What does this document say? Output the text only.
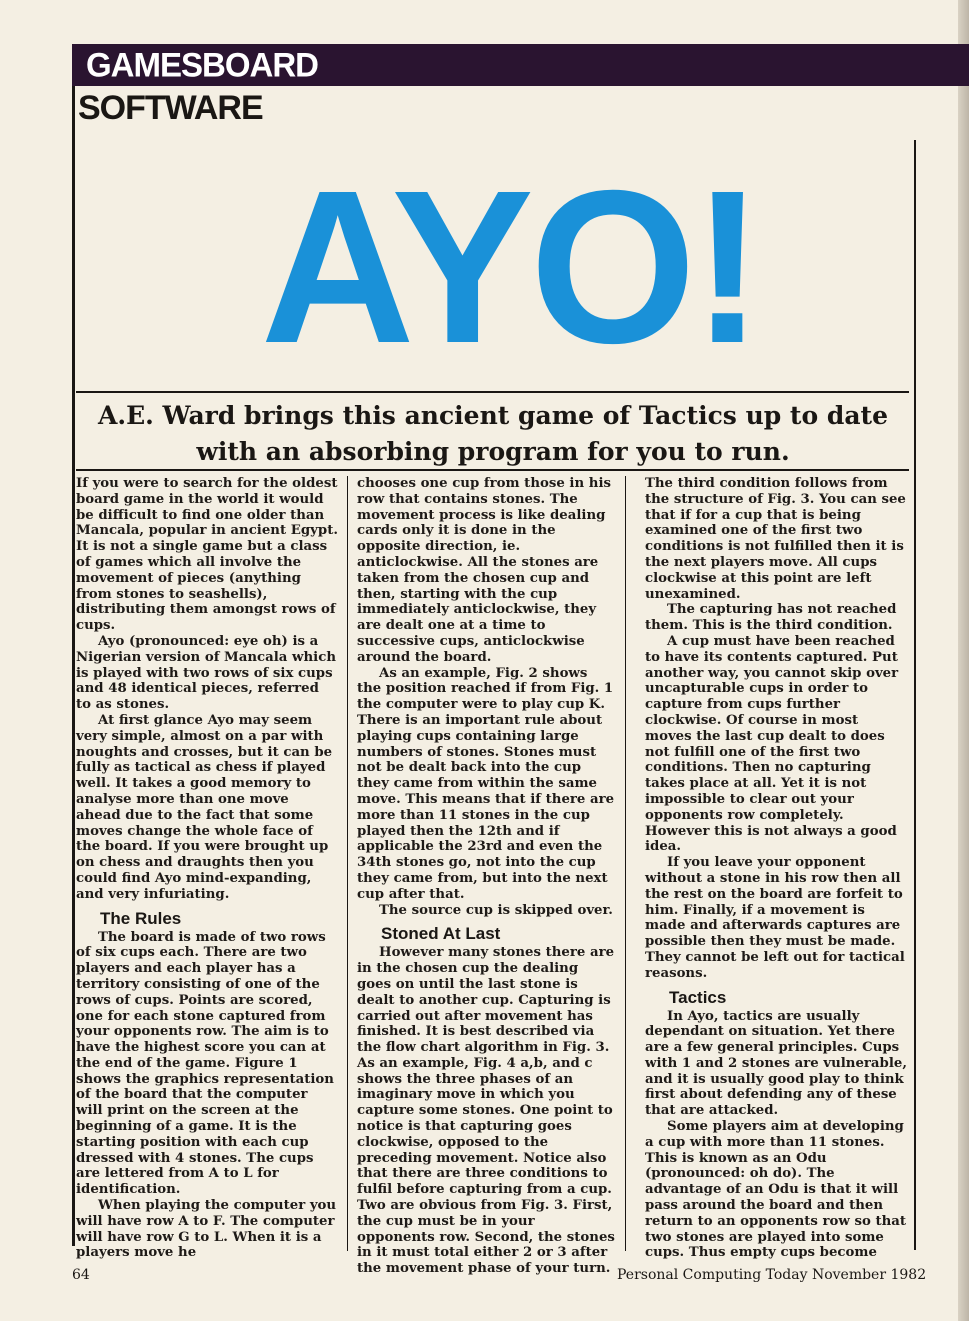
GAMESBOARD
SOFTWARE
AYO!
A.E. Ward brings this ancient game of Tactics up to date with an absorbing program for you to run.

If you were to search for the oldest board game in the world it would be difficult to find one older than Mancala, popular in ancient Egypt. It is not a single game but a class of games which all involve the movement of pieces (anything from stones to seashells), distributing them amongst rows of cups.

Ayo (pronounced: eye oh) is a Nigerian version of Mancala which is played with two rows of six cups and 48 identical pieces, referred to as stones.

At first glance Ayo may seem very simple, almost on a par with noughts and crosses, but it can be fully as tactical as chess if played well. It takes a good memory to analyse more than one move ahead due to the fact that some moves change the whole face of the board. If you were brought up on chess and draughts then you could find Ayo mind-expanding, and very infuriating.

The Rules

The board is made of two rows of six cups each. There are two players and each player has a territory consisting of one of the rows of cups. Points are scored, one for each stone captured from your opponents row. The aim is to have the highest score you can at the end of the game. Figure 1 shows the graphics representation of the board that the computer will print on the screen at the beginning of a game. It is the starting position with each cup dressed with 4 stones. The cups are lettered from A to L for identification.

When playing the computer you will have row A to F. The computer will have row G to L. When it is a players move he

chooses one cup from those in his row that contains stones. The movement process is like dealing cards only it is done in the opposite direction, ie. anticlockwise. All the stones are taken from the chosen cup and then, starting with the cup immediately anticlockwise, they are dealt one at a time to successive cups, anticlockwise around the board.

As an example, Fig. 2 shows the position reached if from Fig. 1 the computer were to play cup K. There is an important rule about playing cups containing large numbers of stones. Stones must not be dealt back into the cup they came from within the same move. This means that if there are more than 11 stones in the cup played then the 12th and if applicable the 23rd and even the 34th stones go, not into the cup they came from, but into the next cup after that.

The source cup is skipped over.

Stoned At Last

However many stones there are in the chosen cup the dealing goes on until the last stone is dealt to another cup. Capturing is carried out after movement has finished. It is best described via the flow chart algorithm in Fig. 3. As an example, Fig. 4 a,b, and c shows the three phases of an imaginary move in which you capture some stones. One point to notice is that capturing goes clockwise, opposed to the preceding movement. Notice also that there are three conditions to fulfil before capturing from a cup. Two are obvious from Fig. 3. First, the cup must be in your opponents row. Second, the stones in it must total either 2 or 3 after the movement phase of your turn.

The third condition follows from the structure of Fig. 3. You can see that if for a cup that is being examined one of the first two conditions is not fulfilled then it is the next players move. All cups clockwise at this point are left unexamined.

The capturing has not reached them. This is the third condition.

A cup must have been reached to have its contents captured. Put another way, you cannot skip over uncapturable cups in order to capture from cups further clockwise. Of course in most moves the last cup dealt to does not fulfill one of the first two conditions. Then no capturing takes place at all. Yet it is not impossible to clear out your opponents row completely. However this is not always a good idea.

If you leave your opponent without a stone in his row then all the rest on the board are forfeit to him. Finally, if a movement is made and afterwards captures are possible then they must be made. They cannot be left out for tactical reasons.

Tactics

In Ayo, tactics are usually dependant on situation. Yet there are a few general principles. Cups with 1 and 2 stones are vulnerable, and it is usually good play to think first about defending any of these that are attacked.

Some players aim at developing a cup with more than 11 stones. This is known as an Odu (pronounced: oh do). The advantage of an Odu is that it will pass around the board and then return to an opponents row so that two stones are played into some cups. Thus empty cups become

64	Personal Computing Today November 1982
